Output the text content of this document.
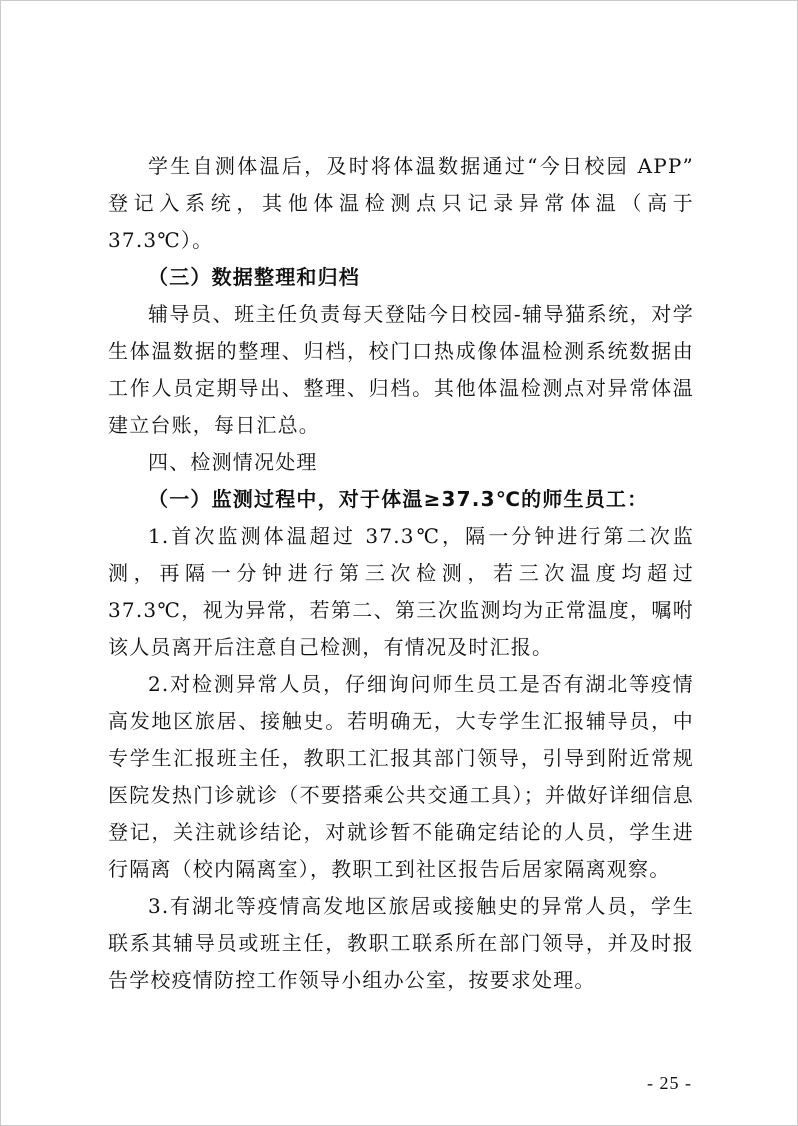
学生自测体温后，及时将体温数据通过“今日校园 APP” 登记入系统，其他体温检测点只记录异常体温（高于 37.3℃）。

（三）数据整理和归档

辅导员、班主任负责每天登陆今日校园-辅导猫系统，对学生体温数据的整理、归档，校门口热成像体温检测系统数据由工作人员定期导出、整理、归档。其他体温检测点对异常体温建立台账，每日汇总。

四、检测情况处理

（一）监测过程中，对于体温≥37.3℃的师生员工：

1.首次监测体温超过 37.3℃，隔一分钟进行第二次监测，再隔一分钟进行第三次检测，若三次温度均超过 37.3℃，视为异常，若第二、第三次监测均为正常温度，嘱咐该人员离开后注意自己检测，有情况及时汇报。

2.对检测异常人员，仔细询问师生员工是否有湖北等疫情高发地区旅居、接触史。若明确无，大专学生汇报辅导员，中专学生汇报班主任，教职工汇报其部门领导，引导到附近常规医院发热门诊就诊（不要搭乘公共交通工具）；并做好详细信息登记，关注就诊结论，对就诊暂不能确定结论的人员，学生进行隔离（校内隔离室），教职工到社区报告后居家隔离观察。

3.有湖北等疫情高发地区旅居或接触史的异常人员，学生联系其辅导员或班主任，教职工联系所在部门领导，并及时报告学校疫情防控工作领导小组办公室，按要求处理。

- 25 -
